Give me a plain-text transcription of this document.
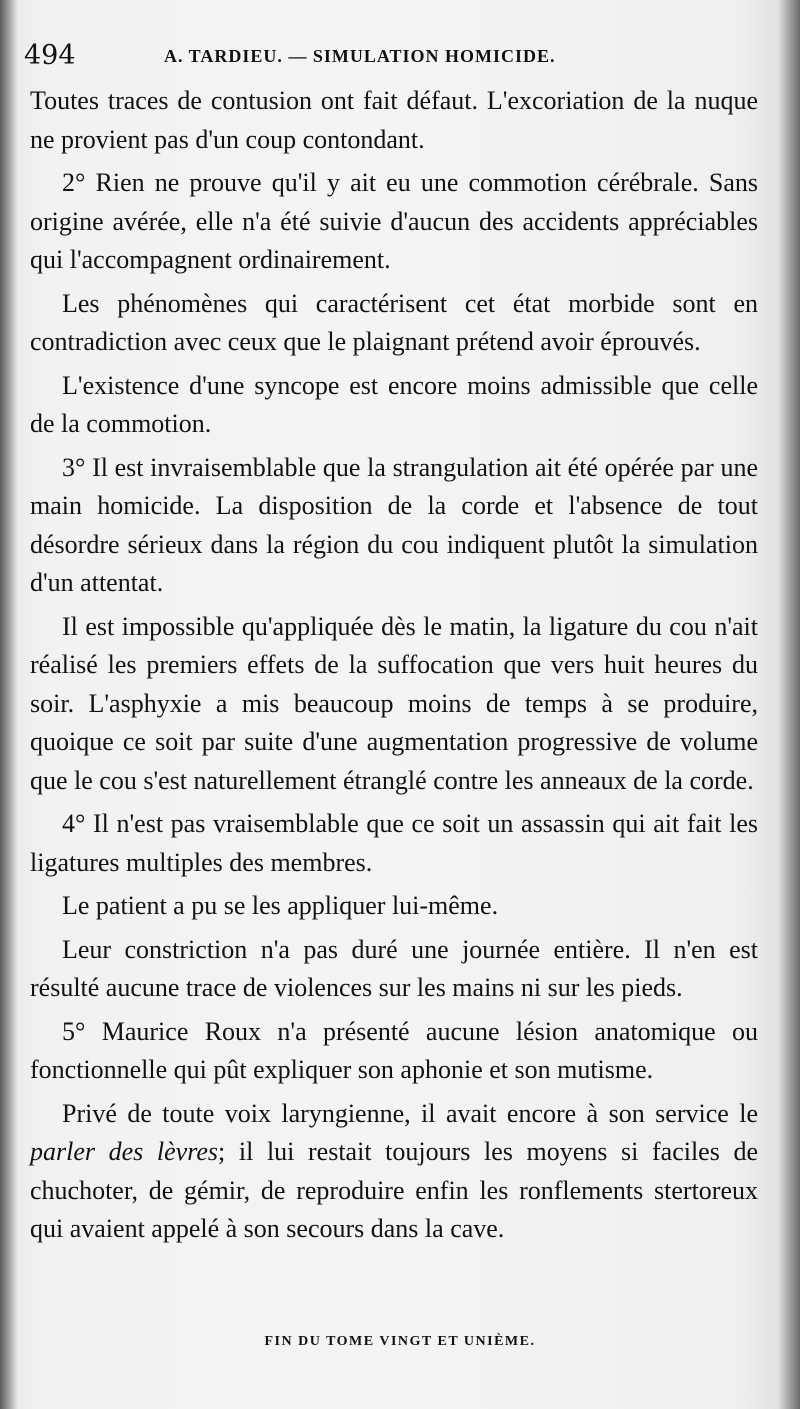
494	A. TARDIEU. — SIMULATION HOMICIDE.

Toutes traces de contusion ont fait défaut. L'excoriation de la nuque ne provient pas d'un coup contondant.

2° Rien ne prouve qu'il y ait eu une commotion cérébrale. Sans origine avérée, elle n'a été suivie d'aucun des accidents appréciables qui l'accompagnent ordinairement.

Les phénomènes qui caractérisent cet état morbide sont en contradiction avec ceux que le plaignant prétend avoir éprouvés.

L'existence d'une syncope est encore moins admissible que celle de la commotion.

3° Il est invraisemblable que la strangulation ait été opérée par une main homicide. La disposition de la corde et l'absence de tout désordre sérieux dans la région du cou indiquent plutôt la simulation d'un attentat.

Il est impossible qu'appliquée dès le matin, la ligature du cou n'ait réalisé les premiers effets de la suffocation que vers huit heures du soir. L'asphyxie a mis beaucoup moins de temps à se produire, quoique ce soit par suite d'une augmentation progressive de volume que le cou s'est naturellement étranglé contre les anneaux de la corde.

4° Il n'est pas vraisemblable que ce soit un assassin qui ait fait les ligatures multiples des membres.

Le patient a pu se les appliquer lui-même.

Leur constriction n'a pas duré une journée entière. Il n'en est résulté aucune trace de violences sur les mains ni sur les pieds.

5° Maurice Roux n'a présenté aucune lésion anatomique ou fonctionnelle qui pût expliquer son aphonie et son mutisme.

Privé de toute voix laryngienne, il avait encore à son service le parler des lèvres; il lui restait toujours les moyens si faciles de chuchoter, de gémir, de reproduire enfin les ronflements stertoreux qui avaient appelé à son secours dans la cave.

FIN DU TOME VINGT ET UNIÈME.
